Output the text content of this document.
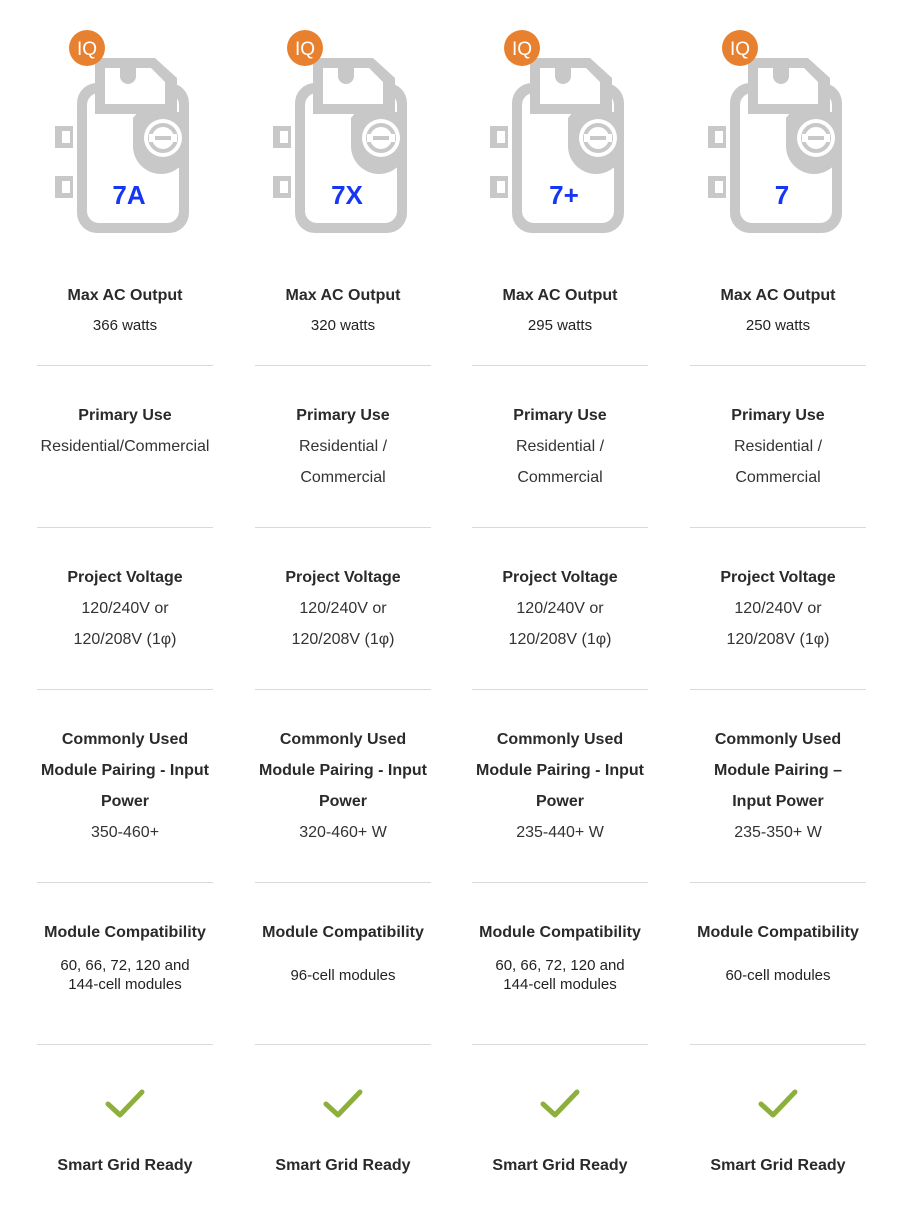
IQ
7A
Max AC Output
366 watts
Primary Use
Residential/Commercial
Project Voltage
120/240V or
120/208V (1φ)
Commonly Used
Module Pairing - Input
Power
350-460+
Module Compatibility
60, 66, 72, 120 and
144-cell modules
Smart Grid Ready
IQ
7X
Max AC Output
320 watts
Primary Use
Residential /
Commercial
Project Voltage
120/240V or
120/208V (1φ)
Commonly Used
Module Pairing - Input
Power
320-460+ W
Module Compatibility
96-cell modules
Smart Grid Ready
IQ
7+
Max AC Output
295 watts
Primary Use
Residential /
Commercial
Project Voltage
120/240V or
120/208V (1φ)
Commonly Used
Module Pairing - Input
Power
235-440+ W
Module Compatibility
60, 66, 72, 120 and
144-cell modules
Smart Grid Ready
IQ
7
Max AC Output
250 watts
Primary Use
Residential /
Commercial
Project Voltage
120/240V or
120/208V (1φ)
Commonly Used
Module Pairing –
Input Power
235-350+ W
Module Compatibility
60-cell modules
Smart Grid Ready
